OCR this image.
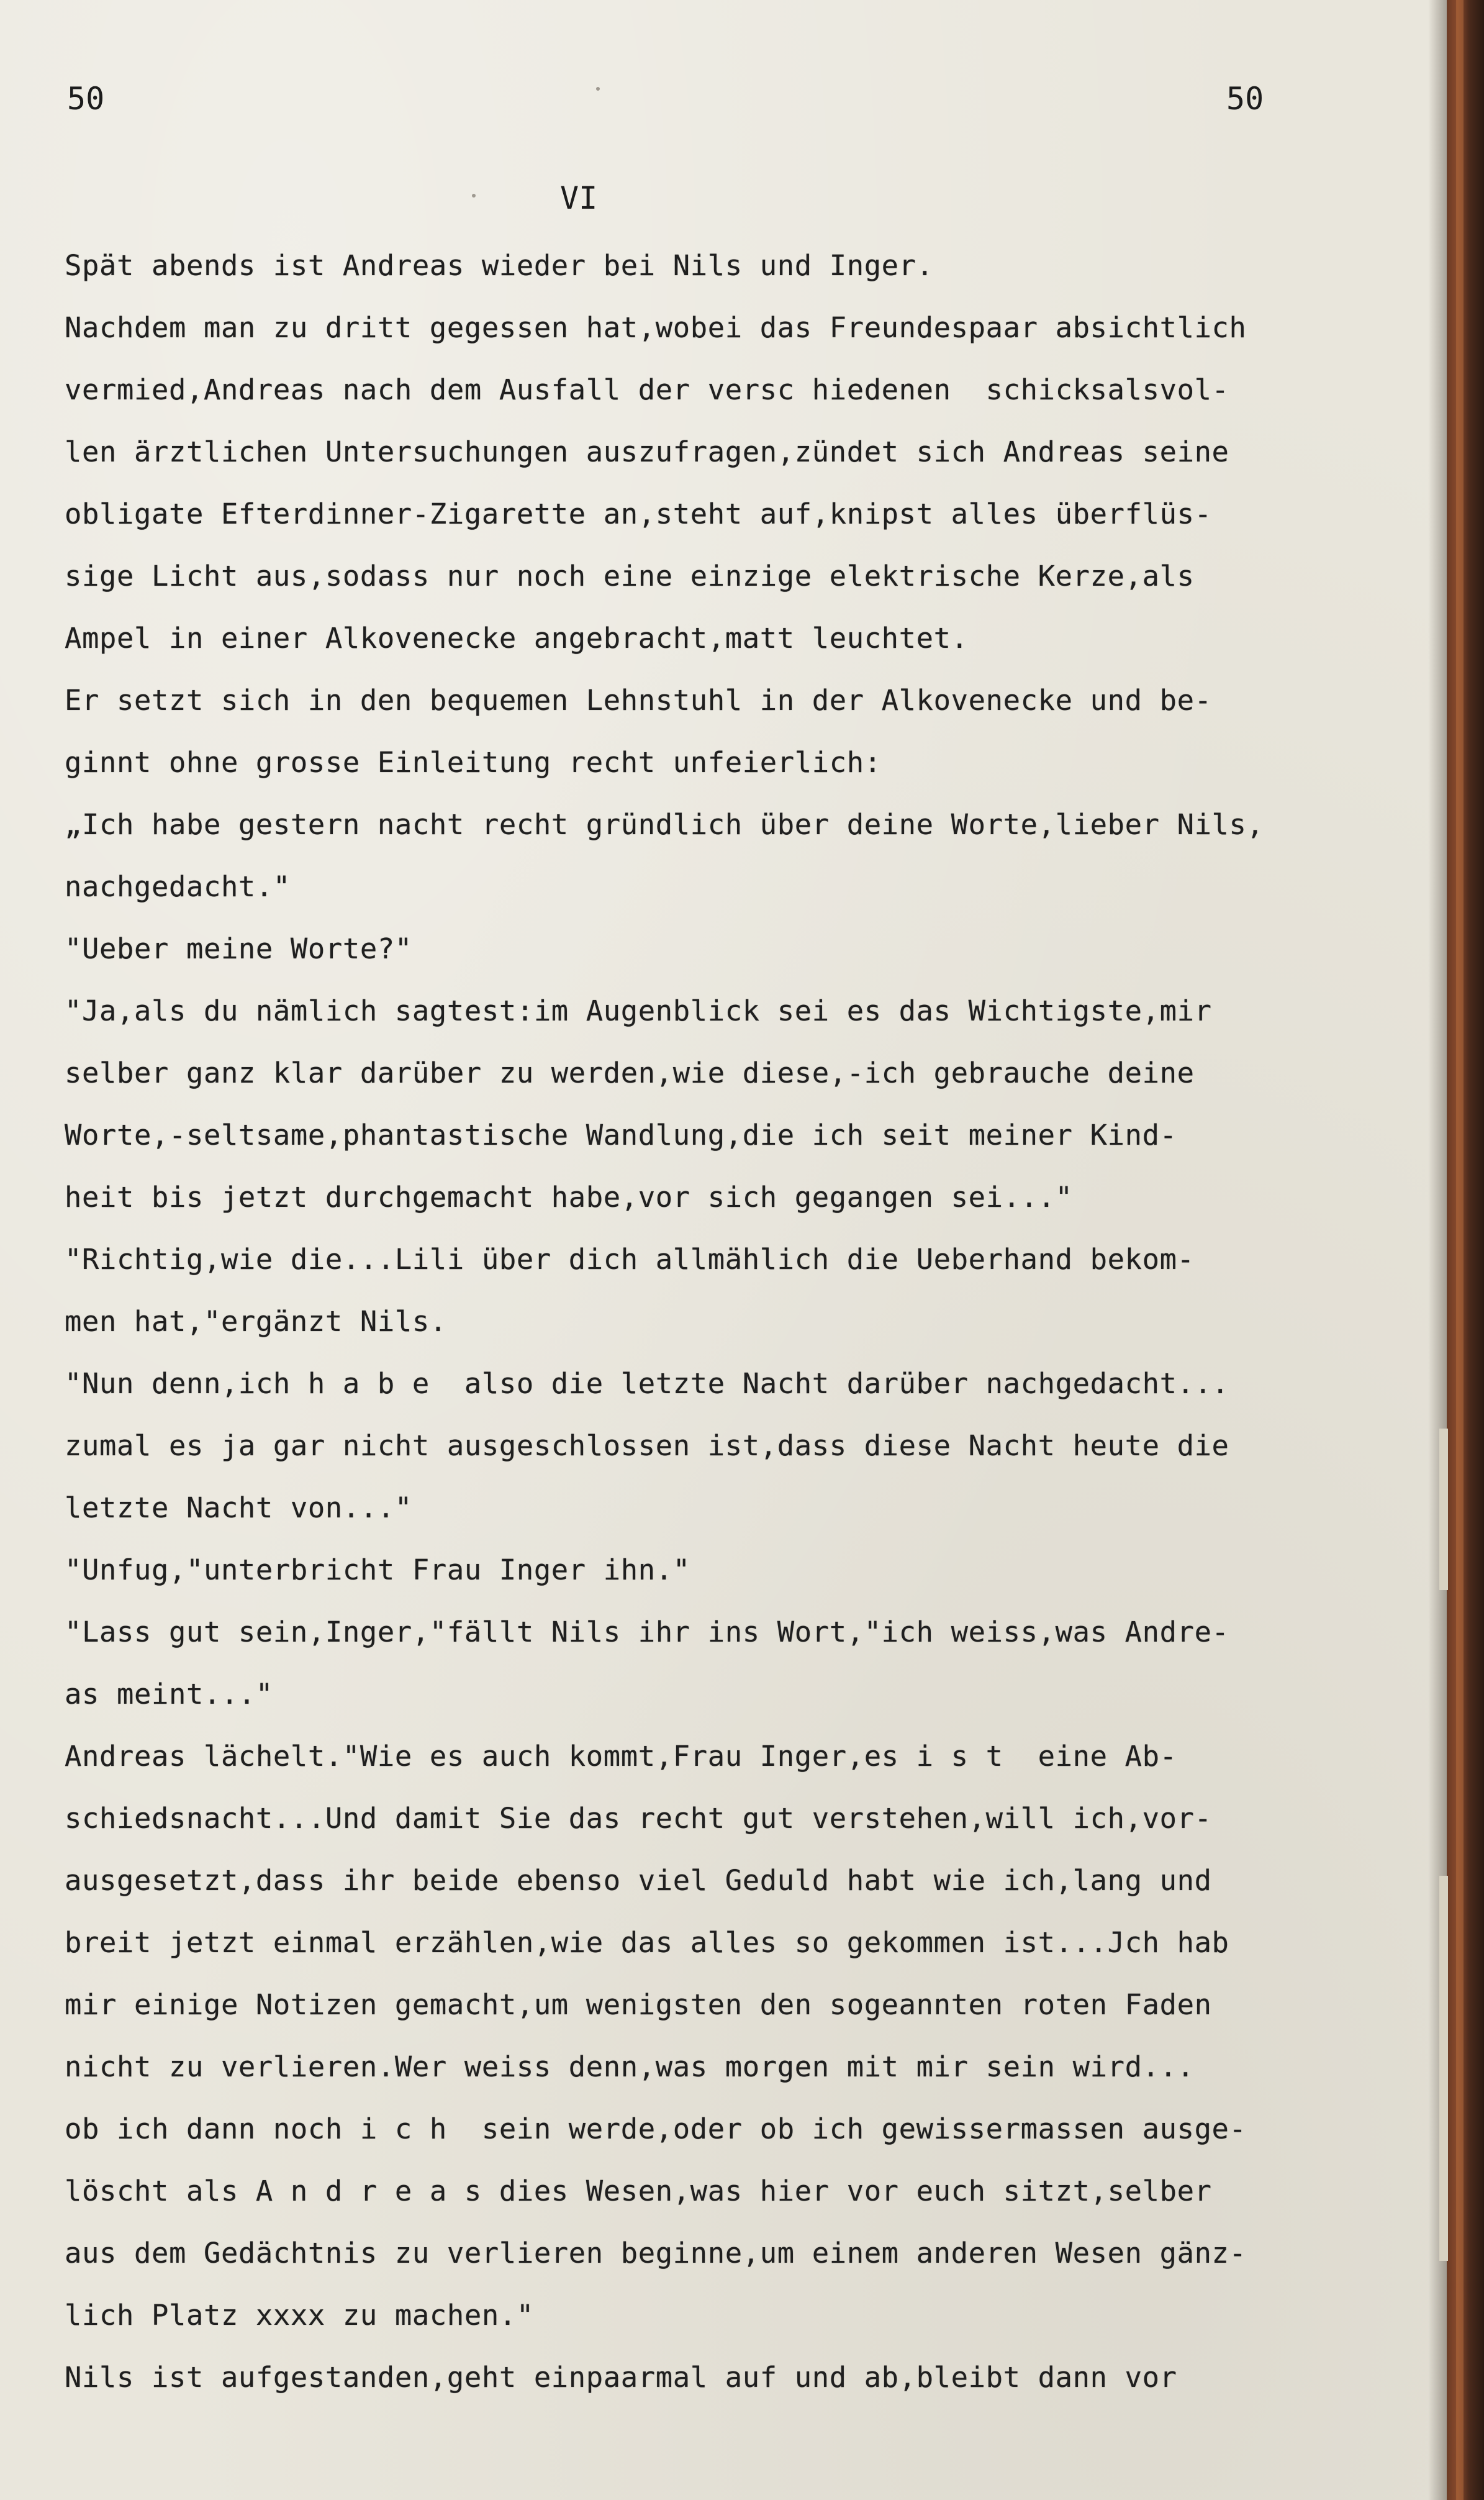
50	50
VI
Spät abends ist Andreas wieder bei Nils und Inger.
Nachdem man zu dritt gegessen hat,wobei das Freundespaar absichtlich
vermied,Andreas nach dem Ausfall der versc hiedenen  schicksalsvol-
len ärztlichen Untersuchungen auszufragen,zündet sich Andreas seine
obligate Efterdinner-Zigarette an,steht auf,knipst alles überflüs-
sige Licht aus,sodass nur noch eine einzige elektrische Kerze,als
Ampel in einer Alkovenecke angebracht,matt leuchtet.
Er setzt sich in den bequemen Lehnstuhl in der Alkovenecke und be-
ginnt ohne grosse Einleitung recht unfeierlich:
„Ich habe gestern nacht recht gründlich über deine Worte,lieber Nils,
nachgedacht."
"Ueber meine Worte?"
"Ja,als du nämlich sagtest:im Augenblick sei es das Wichtigste,mir
selber ganz klar darüber zu werden,wie diese,-ich gebrauche deine
Worte,-seltsame,phantastische Wandlung,die ich seit meiner Kind-
heit bis jetzt durchgemacht habe,vor sich gegangen sei..."
"Richtig,wie die...Lili über dich allmählich die Ueberhand bekom-
men hat,"ergänzt Nils.
"Nun denn,ich h a b e  also die letzte Nacht darüber nachgedacht...
zumal es ja gar nicht ausgeschlossen ist,dass diese Nacht heute die
letzte Nacht von..."
"Unfug,"unterbricht Frau Inger ihn."
"Lass gut sein,Inger,"fällt Nils ihr ins Wort,"ich weiss,was Andre-
as meint..."
Andreas lächelt."Wie es auch kommt,Frau Inger,es i s t  eine Ab-
schiedsnacht...Und damit Sie das recht gut verstehen,will ich,vor-
ausgesetzt,dass ihr beide ebenso viel Geduld habt wie ich,lang und
breit jetzt einmal erzählen,wie das alles so gekommen ist...Jch hab
mir einige Notizen gemacht,um wenigsten den sogeannten roten Faden
nicht zu verlieren.Wer weiss denn,was morgen mit mir sein wird...
ob ich dann noch i c h  sein werde,oder ob ich gewissermassen ausge-
löscht als A n d r e a s dies Wesen,was hier vor euch sitzt,selber
aus dem Gedächtnis zu verlieren beginne,um einem anderen Wesen gänz-
lich Platz xxxx zu machen."
Nils ist aufgestanden,geht einpaarmal auf und ab,bleibt dann vor
